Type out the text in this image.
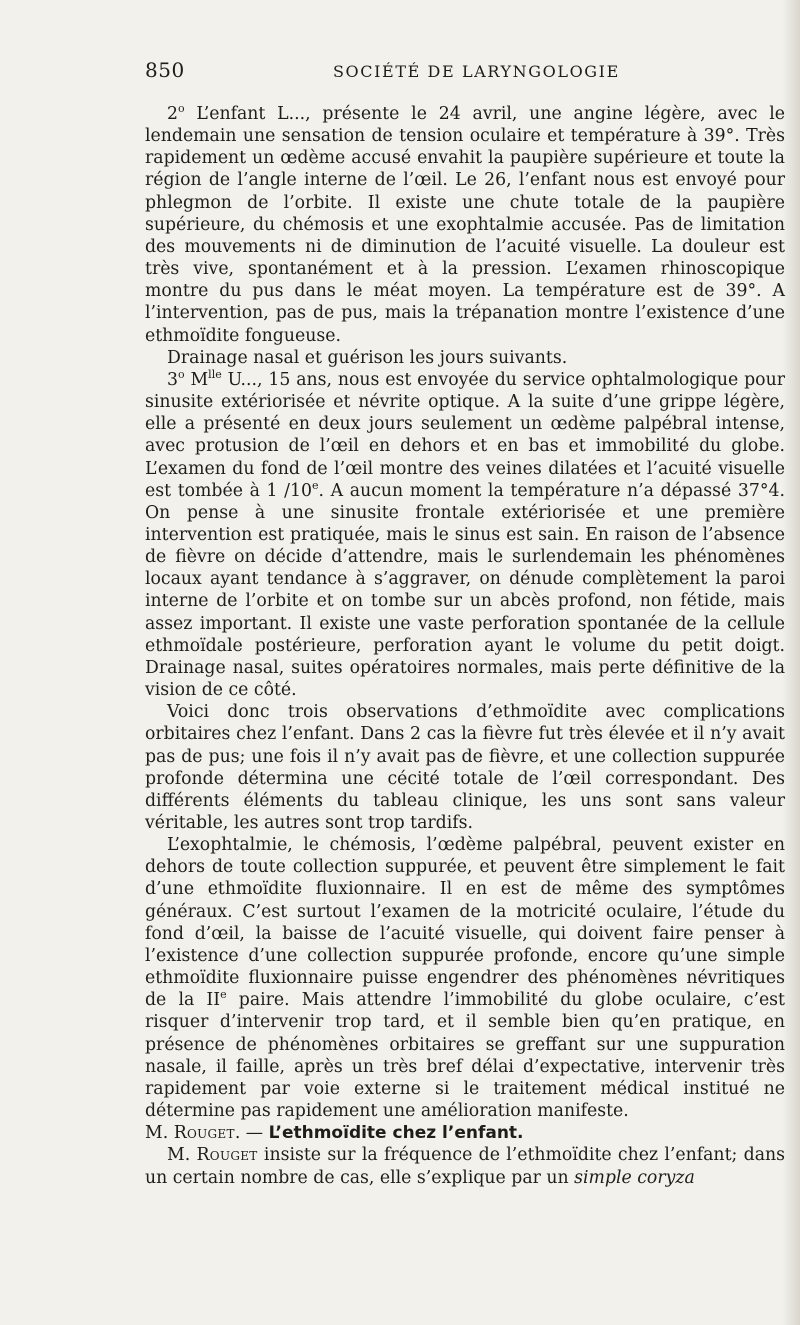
850	SOCIÉTÉ DE LARYNGOLOGIE

2$^o$ L’enfant L..., présente le 24 avril, une angine légère, avec le lendemain une sensation de tension oculaire et température à 39°. Très rapidement un œdème accusé envahit la paupière supérieure et toute la région de l’angle interne de l’œil. Le 26, l’enfant nous est envoyé pour phlegmon de l’orbite. Il existe une chute totale de la paupière supérieure, du chémosis et une exophtalmie accusée. Pas de limitation des mouvements ni de diminution de l’acuité visuelle. La douleur est très vive, spontanément et à la pression. L’examen rhinoscopique montre du pus dans le méat moyen. La température est de 39°. A l’intervention, pas de pus, mais la trépanation montre l’existence d’une ethmoïdite fongueuse.

Drainage nasal et guérison les jours suivants.

3$^o$ $M^{lle}$ U..., 15 ans, nous est envoyée du service ophtalmologique pour sinusite extériorisée et névrite optique. A la suite d’une grippe légère, elle a présenté en deux jours seulement un œdème palpébral intense, avec protusion de l’œil en dehors et en bas et immobilité du globe. L’examen du fond de l’œil montre des veines dilatées et l’acuité visuelle est tombée à 1 /10e. A aucun moment la température n’a dépassé 37°4. On pense à une sinusite frontale extériorisée et une première intervention est pratiquée, mais le sinus est sain. En raison de l’absence de fièvre on décide d’attendre, mais le surlendemain les phénomènes locaux ayant tendance à s’aggraver, on dénude complètement la paroi interne de l’orbite et on tombe sur un abcès profond, non fétide, mais assez important. Il existe une vaste perforation spontanée de la cellule ethmoïdale postérieure, perforation ayant le volume du petit doigt. Drainage nasal, suites opératoires normales, mais perte définitive de la vision de ce côté.

Voici donc trois observations d’ethmoïdite avec complications orbitaires chez l’enfant. Dans 2 cas la fièvre fut très élevée et il n’y avait pas de pus; une fois il n’y avait pas de fièvre, et une collection suppurée profonde détermina une cécité totale de l’œil correspondant. Des différents éléments du tableau clinique, les uns sont sans valeur véritable, les autres sont trop tardifs.

L’exophtalmie, le chémosis, l’œdème palpébral, peuvent exister en dehors de toute collection suppurée, et peuvent être simplement le fait d’une ethmoïdite fluxionnaire. Il en est de même des symptômes généraux. C’est surtout l’examen de la motricité oculaire, l’étude du fond d’œil, la baisse de l’acuité visuelle, qui doivent faire penser à l’existence d’une collection suppurée profonde, encore qu’une simple ethmoïdite fluxionnaire puisse engendrer des phénomènes névritiques de la IIe paire. Mais attendre l’immobilité du globe oculaire, c’est risquer d’intervenir trop tard, et il semble bien qu’en pratique, en présence de phénomènes orbitaires se greffant sur une suppuration nasale, il faille, après un très bref délai d’expectative, intervenir très rapidement par voie externe si le traitement médical institué ne détermine pas rapidement une amélioration manifeste.

M. Rouget. — L’ethmoïdite chez l’enfant.

M. Rouget insiste sur la fréquence de l’ethmoïdite chez l’enfant; dans un certain nombre de cas, elle s’explique par un simple coryza
